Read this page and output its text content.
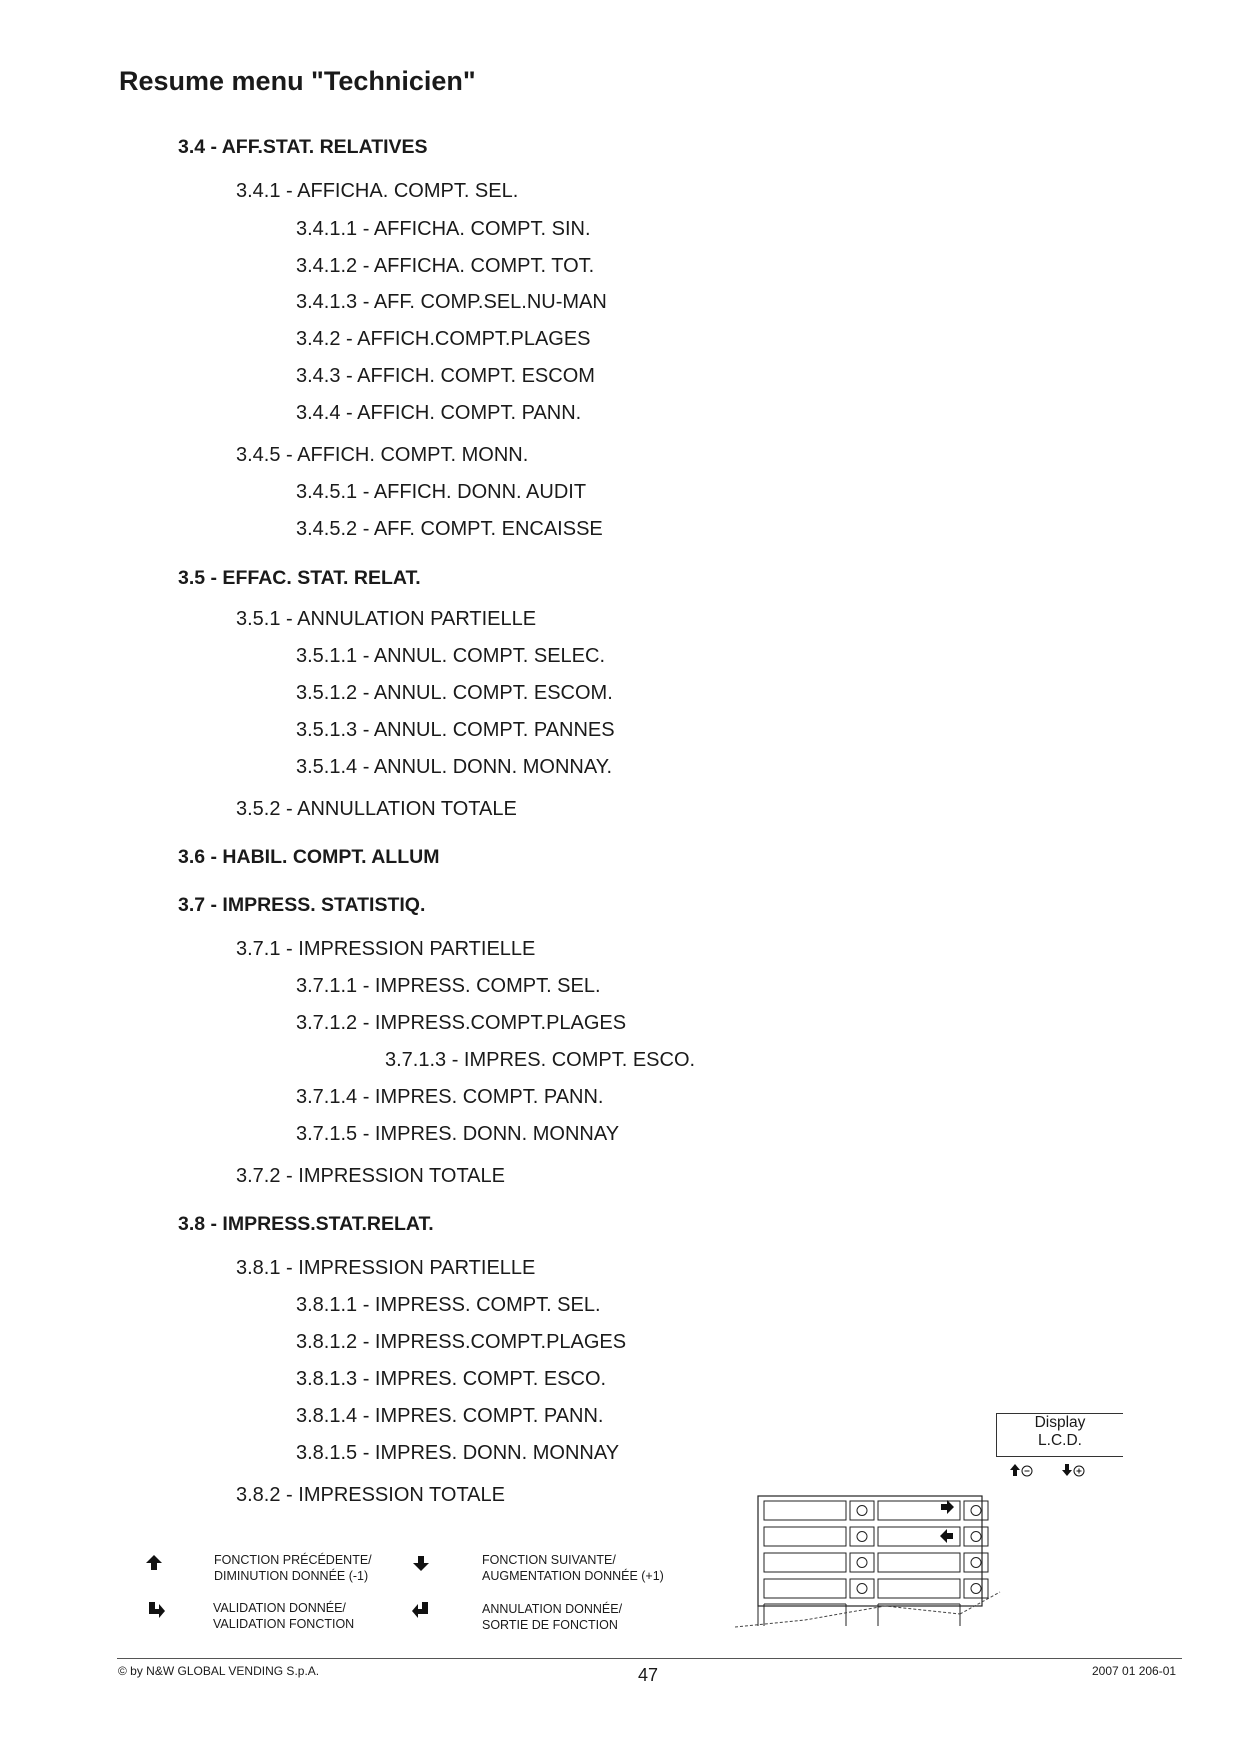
Resume menu "Technicien"
3.4 - AFF.STAT. RELATIVES
3.4.1 - AFFICHA. COMPT. SEL.
3.4.1.1 - AFFICHA. COMPT. SIN.
3.4.1.2 - AFFICHA. COMPT. TOT.
3.4.1.3 - AFF. COMP.SEL.NU-MAN
3.4.2 - AFFICH.COMPT.PLAGES
3.4.3 - AFFICH. COMPT. ESCOM
3.4.4 - AFFICH. COMPT. PANN.
3.4.5 - AFFICH. COMPT. MONN.
3.4.5.1 - AFFICH. DONN. AUDIT
3.4.5.2 - AFF. COMPT. ENCAISSE
3.5 - EFFAC. STAT. RELAT.
3.5.1 - ANNULATION PARTIELLE
3.5.1.1 - ANNUL. COMPT. SELEC.
3.5.1.2 - ANNUL. COMPT. ESCOM.
3.5.1.3 - ANNUL. COMPT. PANNES
3.5.1.4 - ANNUL. DONN. MONNAY.
3.5.2 - ANNULLATION TOTALE
3.6 - HABIL. COMPT. ALLUM
3.7 - IMPRESS. STATISTIQ.
3.7.1 - IMPRESSION PARTIELLE
3.7.1.1 - IMPRESS. COMPT. SEL.
3.7.1.2 - IMPRESS.COMPT.PLAGES
3.7.1.3 - IMPRES. COMPT. ESCO.
3.7.1.4 - IMPRES. COMPT. PANN.
3.7.1.5 - IMPRES. DONN. MONNAY
3.7.2 - IMPRESSION TOTALE
3.8 - IMPRESS.STAT.RELAT.
3.8.1 - IMPRESSION PARTIELLE
3.8.1.1 - IMPRESS. COMPT. SEL.
3.8.1.2 - IMPRESS.COMPT.PLAGES
3.8.1.3 - IMPRES. COMPT. ESCO.
3.8.1.4 - IMPRES. COMPT. PANN.
3.8.1.5 - IMPRES. DONN. MONNAY
3.8.2 - IMPRESSION TOTALE
Display
L.C.D.
FONCTION PRÉCÉDENTE/
DIMINUTION DONNÉE (-1)
FONCTION SUIVANTE/
AUGMENTATION DONNÉE (+1)
VALIDATION DONNÉE/
VALIDATION FONCTION
ANNULATION DONNÉE/
SORTIE DE FONCTION
© by N&W GLOBAL VENDING S.p.A.	47	2007 01 206-01
